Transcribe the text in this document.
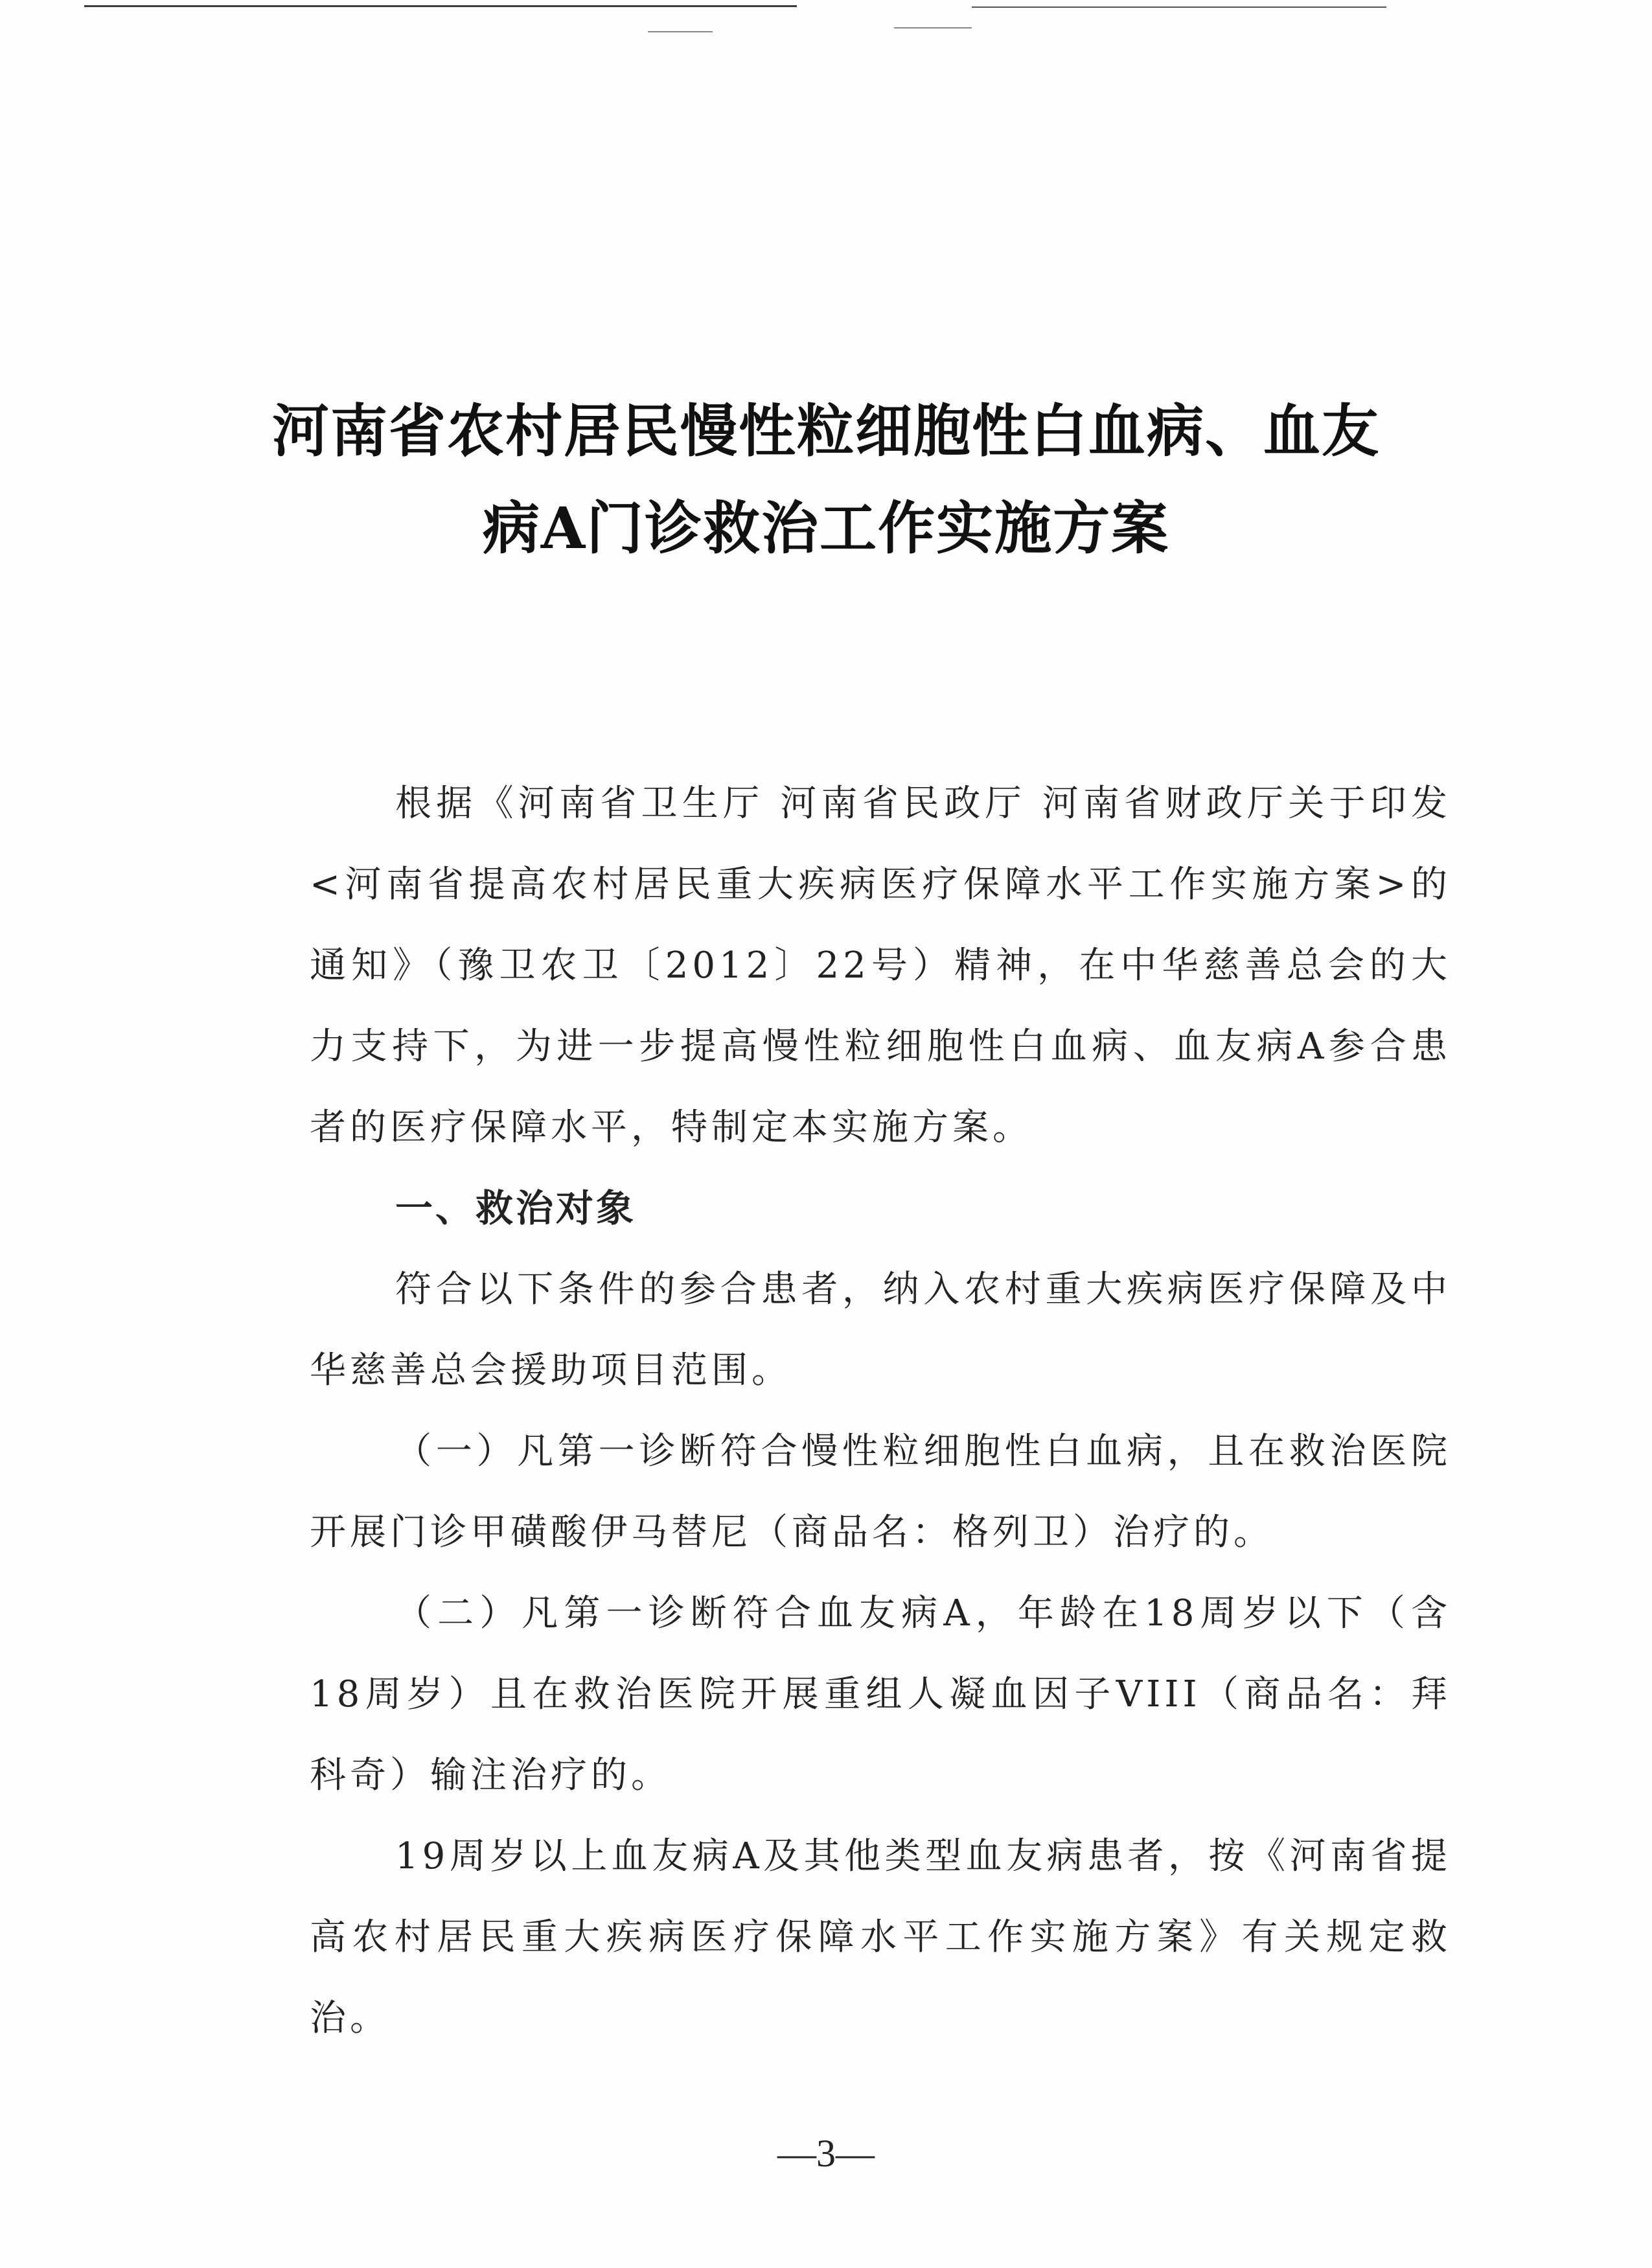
河南省农村居民慢性粒细胞性白血病、血友
病A门诊救治工作实施方案

根据《河南省卫生厅 河南省民政厅 河南省财政厅关于印发<河南省提高农村居民重大疾病医疗保障水平工作实施方案>的通知》（豫卫农卫〔2012〕22号）精神，在中华慈善总会的大力支持下，为进一步提高慢性粒细胞性白血病、血友病A参合患者的医疗保障水平，特制定本实施方案。

一、救治对象

符合以下条件的参合患者，纳入农村重大疾病医疗保障及中华慈善总会援助项目范围。

（一）凡第一诊断符合慢性粒细胞性白血病，且在救治医院开展门诊甲磺酸伊马替尼（商品名：格列卫）治疗的。

（二）凡第一诊断符合血友病A，年龄在18周岁以下（含18周岁）且在救治医院开展重组人凝血因子VIII（商品名：拜科奇）输注治疗的。

19周岁以上血友病A及其他类型血友病患者，按《河南省提高农村居民重大疾病医疗保障水平工作实施方案》有关规定救治。

—3—
